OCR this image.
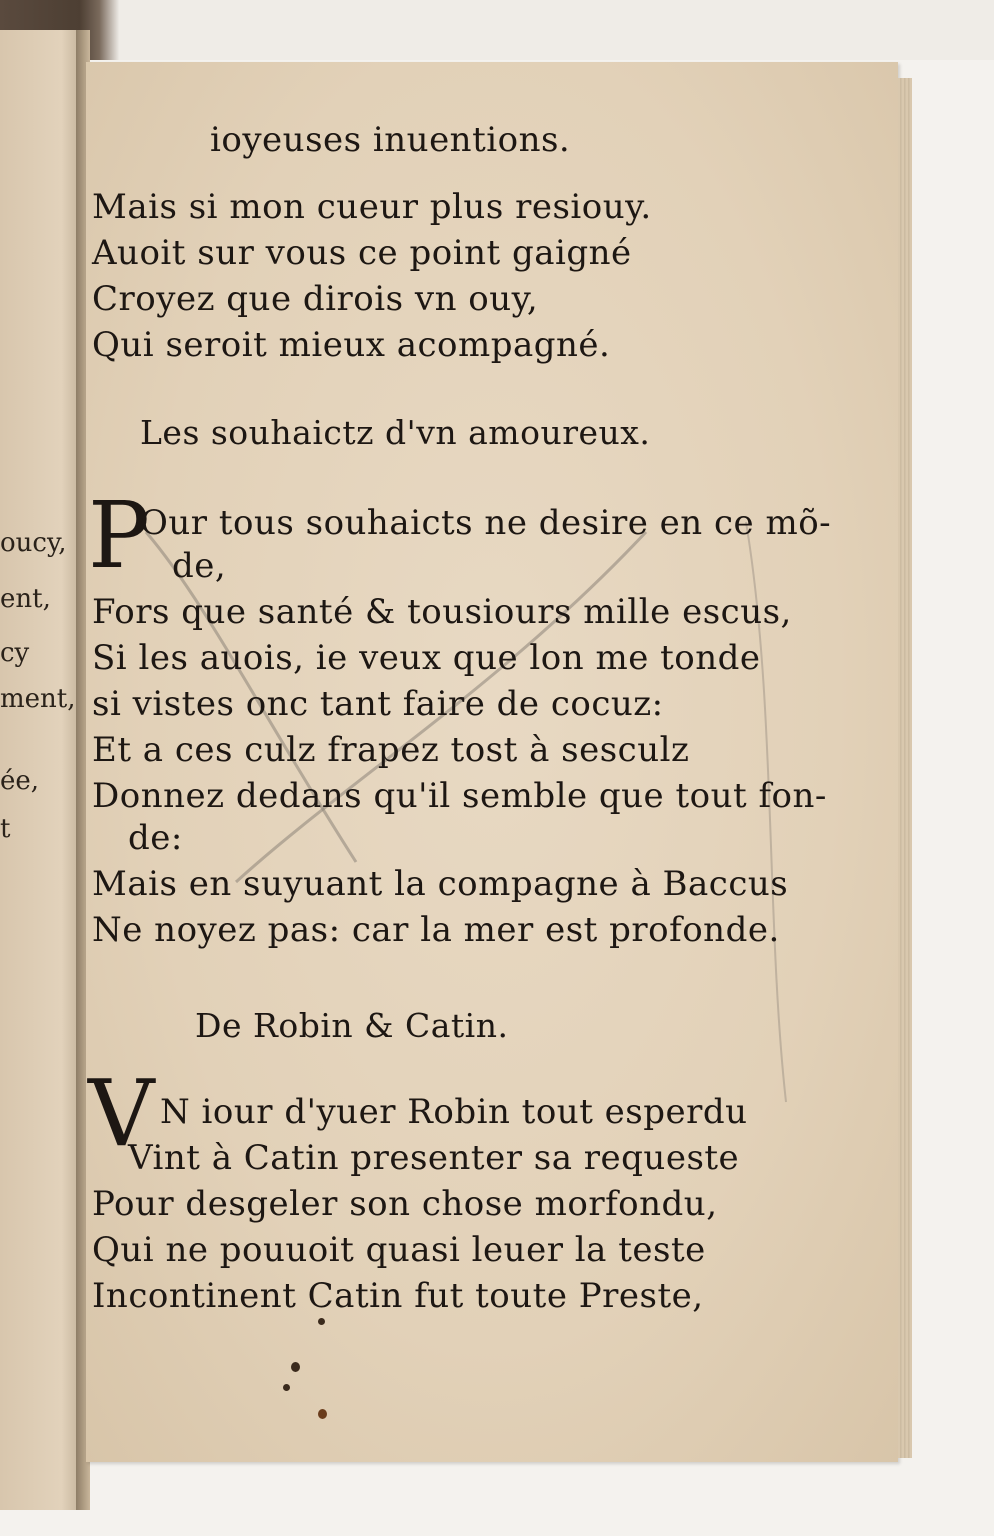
oucy,
ent,
cy
ment,
ée,
t
ioyeuses inuentions.
Mais si mon cueur plus resiouy.
Auoit sur vous ce point gaigné
Croyez que dirois vn ouy,
Qui seroit mieux acompagné.
Les souhaictz d'vn amoureux.
P
Our tous souhaicts ne desire en ce mõ-
de,
Fors que santé & tousiours mille escus,
Si les auois, ie veux que lon me tonde
si vistes onc tant faire de cocuz:
Et a ces culz frapez tost à sesculz
Donnez dedans qu'il semble que tout fon-
de:
Mais en suyuant la compagne à Baccus
Ne noyez pas: car la mer est profonde.
De Robin & Catin.
V N iour d'yuer Robin tout esperdu
Vint à Catin presenter sa requeste
Pour desgeler son chose morfondu,
Qui ne pouuoit quasi leuer la teste
Incontinent Catin fut toute Preste,
